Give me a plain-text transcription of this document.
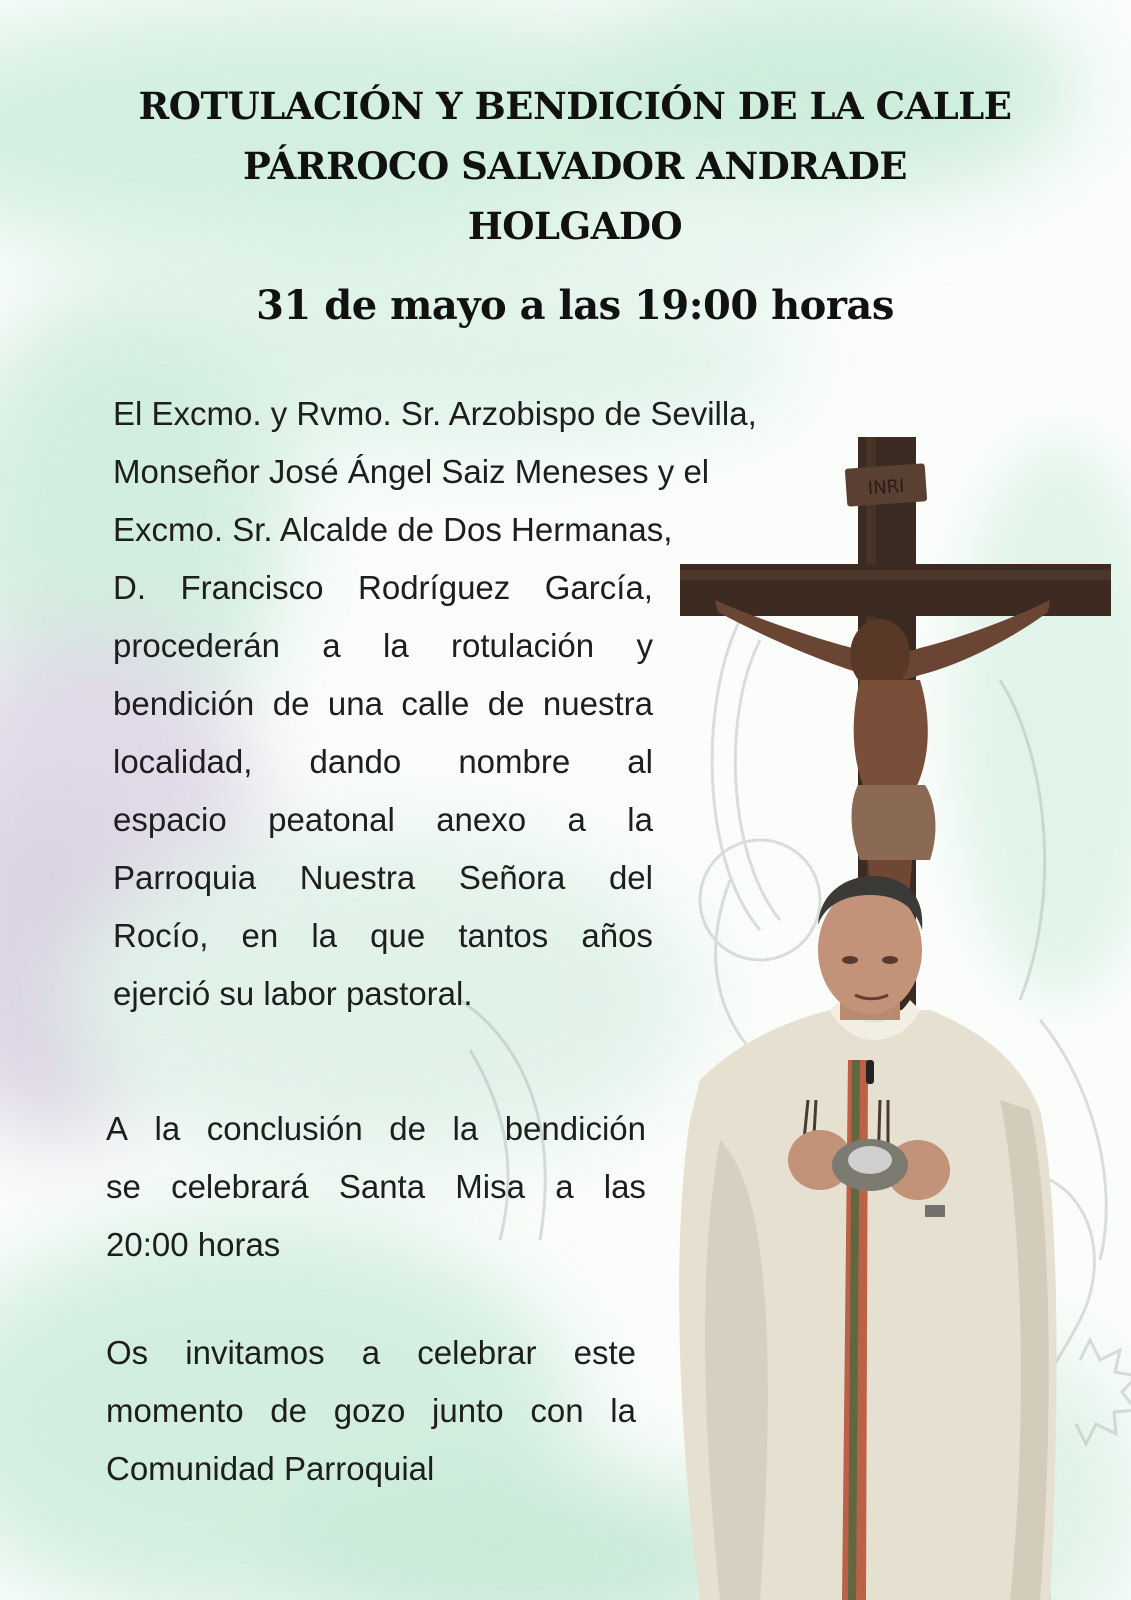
INRI
ROTULACIÓN Y BENDICIÓN DE LA CALLE
PÁRROCO SALVADOR ANDRADE
HOLGADO
31 de mayo a las 19:00 horas
El Excmo. y Rvmo. Sr. Arzobispo de Sevilla,
Monseñor José Ángel Saiz Meneses y el
Excmo. Sr. Alcalde de Dos Hermanas,
D. Francisco Rodríguez García,
procederán a la rotulación y
bendición de una calle de nuestra
localidad, dando nombre al
espacio peatonal anexo a la
Parroquia Nuestra Señora del
Rocío, en la que tantos años
ejerció su labor pastoral.
A la conclusión de la bendición
se celebrará Santa Misa a las
20:00 horas
Os invitamos a celebrar este
momento de gozo junto con la
Comunidad Parroquial
